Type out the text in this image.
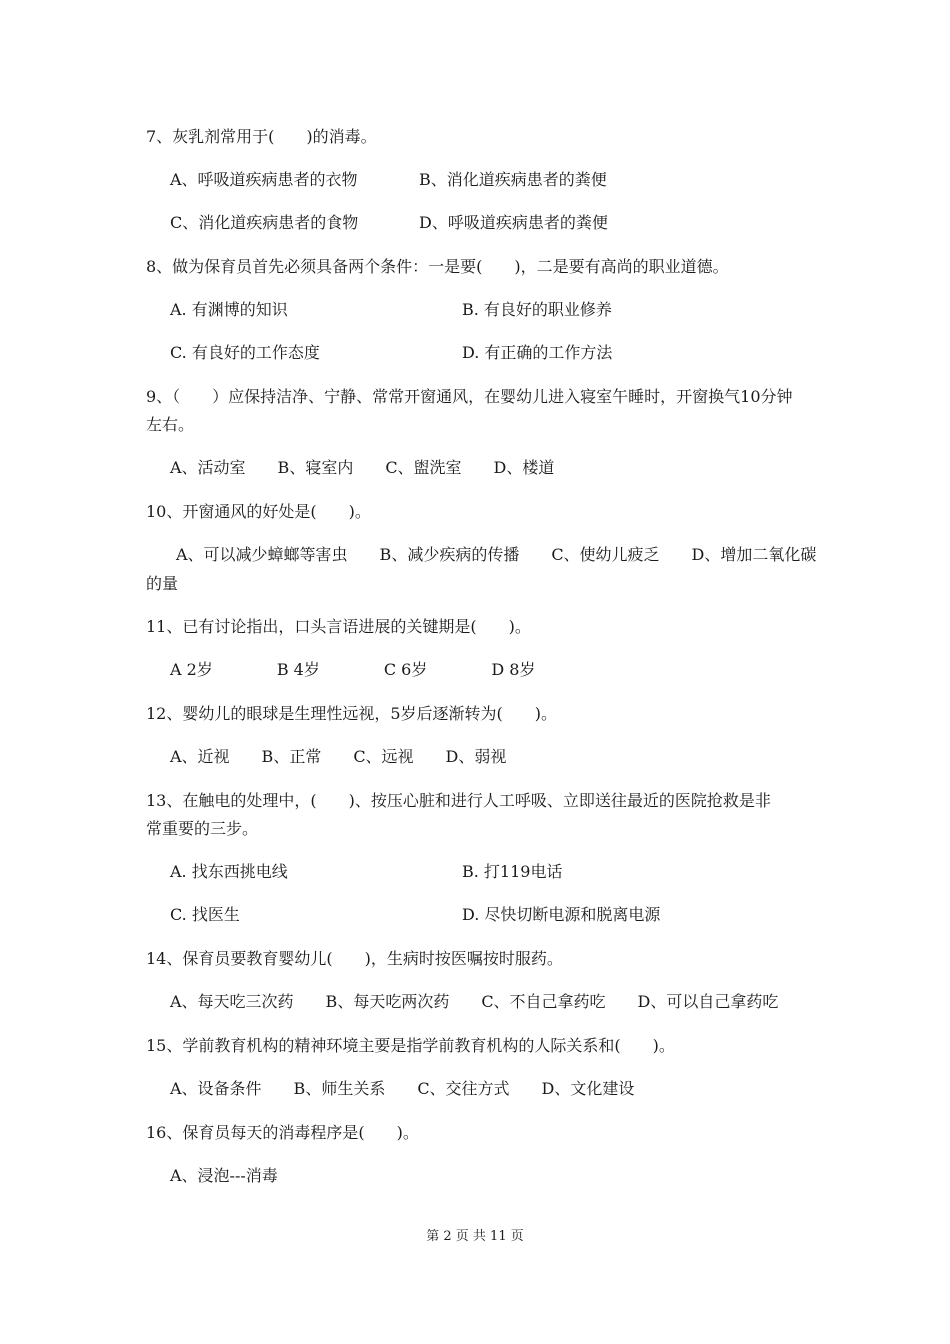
7、灰乳剂常用于(　　)的消毒。
A、呼吸道疾病患者的衣物	B、消化道疾病患者的粪便
C、消化道疾病患者的食物	D、呼吸道疾病患者的粪便
8、做为保育员首先必须具备两个条件：一是要(　　)，二是要有高尚的职业道德。
A. 有渊博的知识	B. 有良好的职业修养
C. 有良好的工作态度	D. 有正确的工作方法
9、（　　）应保持洁净、宁静、常常开窗通风，在婴幼儿进入寝室午睡时，开窗换气10分钟
左右。
A、活动室　　B、寝室内　　C、盥洗室　　D、楼道
10、开窗通风的好处是(　　)。
A、可以减少蟑螂等害虫　　B、减少疾病的传播　　C、使幼儿疲乏　　D、增加二氧化碳
的量
11、已有讨论指出，口头言语进展的关键期是(　　)。
A 2岁　　　　B 4岁　　　　C 6岁　　　　D 8岁
12、婴幼儿的眼球是生理性远视，5岁后逐渐转为(　　)。
A、近视　　B、正常　　C、远视　　D、弱视
13、在触电的处理中，(　　)、按压心脏和进行人工呼吸、立即送往最近的医院抢救是非
常重要的三步。
A. 找东西挑电线	B. 打119电话
C. 找医生	D. 尽快切断电源和脱离电源
14、保育员要教育婴幼儿(　　)，生病时按医嘱按时服药。
A、每天吃三次药　　B、每天吃两次药　　C、不自己拿药吃　　D、可以自己拿药吃
15、学前教育机构的精神环境主要是指学前教育机构的人际关系和(　　)。
A、设备条件　　B、师生关系　　C、交往方式　　D、文化建设
16、保育员每天的消毒程序是(　　)。
A、浸泡---消毒
第 2 页 共 11 页
